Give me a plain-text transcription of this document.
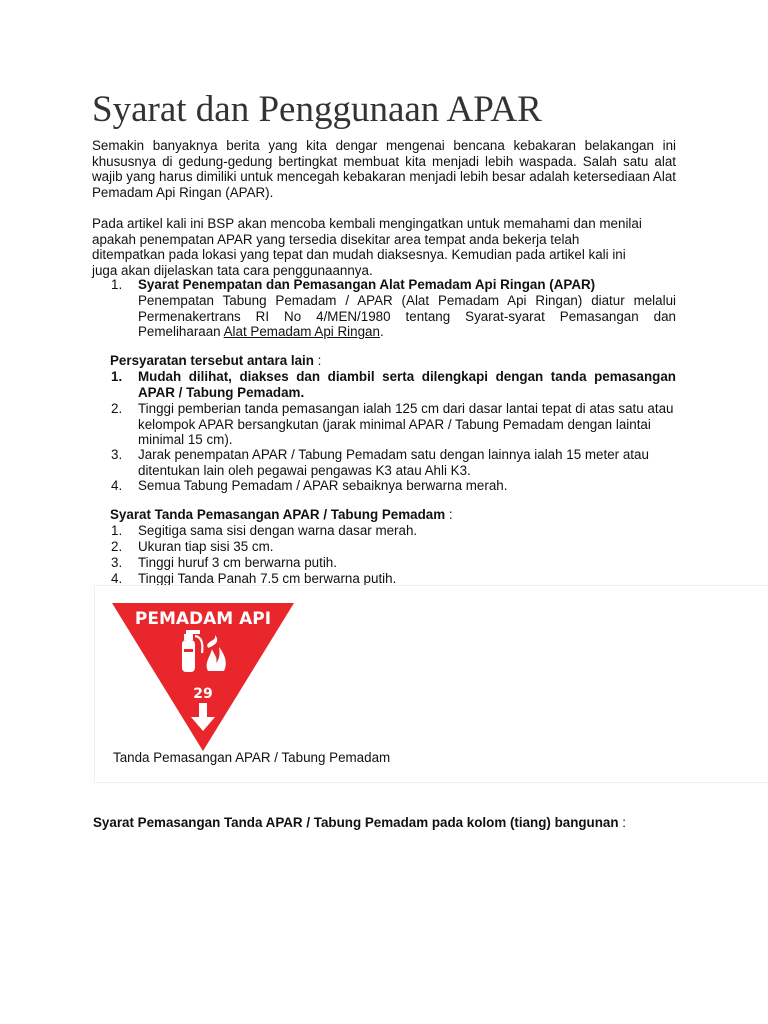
Syarat dan Penggunaan APAR

Semakin banyaknya berita yang kita dengar mengenai bencana kebakaran belakangan ini khususnya di gedung-gedung bertingkat membuat kita menjadi lebih waspada. Salah satu alat wajib yang harus dimiliki untuk mencegah kebakaran menjadi lebih besar adalah ketersediaan Alat Pemadam Api Ringan (APAR).

Pada artikel kali ini BSP akan mencoba kembali mengingatkan untuk memahami dan menilai
apakah penempatan APAR yang tersedia disekitar area tempat anda bekerja telah
ditempatkan pada lokasi yang tepat dan mudah diaksesnya. Kemudian pada artikel kali ini
juga akan dijelaskan tata cara penggunaannya.
1. Syarat Penempatan dan Pemasangan Alat Pemadam Api Ringan (APAR)
Penempatan Tabung Pemadam / APAR (Alat Pemadam Api Ringan) diatur melalui Permenakertrans RI No 4/MEN/1980 tentang Syarat-syarat Pemasangan dan Pemeliharaan Alat Pemadam Api Ringan.
Persyaratan tersebut antara lain :
1. Mudah dilihat, diakses dan diambil serta dilengkapi dengan tanda pemasangan APAR / Tabung Pemadam.
2. Tinggi pemberian tanda pemasangan ialah 125 cm dari dasar lantai tepat di atas satu atau kelompok APAR bersangkutan (jarak minimal APAR / Tabung Pemadam dengan laintai minimal 15 cm).
3. Jarak penempatan APAR / Tabung Pemadam satu dengan lainnya ialah 15 meter atau ditentukan lain oleh pegawai pengawas K3 atau Ahli K3.
4. Semua Tabung Pemadam / APAR sebaiknya berwarna merah.
Syarat Tanda Pemasangan APAR / Tabung Pemadam :
1. Segitiga sama sisi dengan warna dasar merah.
2. Ukuran tiap sisi 35 cm.
3. Tinggi huruf 3 cm berwarna putih.
4. Tinggi Tanda Panah 7.5 cm berwarna putih.
PEMADAM API
29
Tanda Pemasangan APAR / Tabung Pemadam
Syarat Pemasangan Tanda APAR / Tabung Pemadam pada kolom (tiang) bangunan :
